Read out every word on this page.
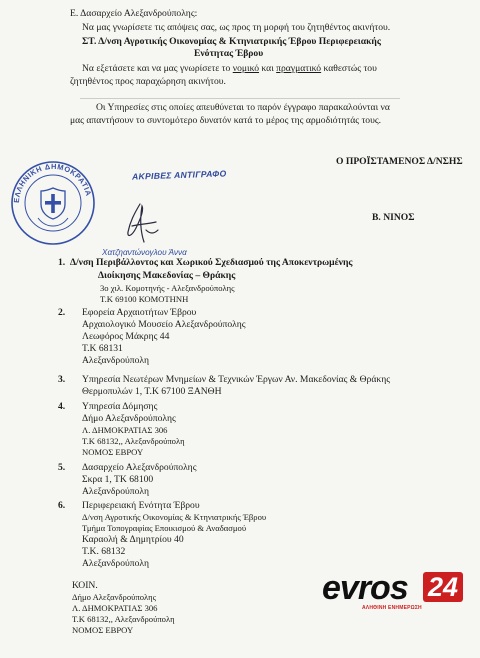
Ε. Δασαρχείο Αλεξανδρούπολης:
Να μας γνωρίσετε τις απόψεις σας, ως προς τη μορφή του ζητηθέντος ακινήτου.
ΣΤ. Δ/νση Αγροτικής Οικονομίας & Κτηνιατρικής Έβρου Περιφερειακής
Ενότητας Έβρου
Να εξετάσετε και να μας γνωρίσετε το νομικό και πραγματικό καθεστώς του
ζητηθέντος προς παραχώρηση ακινήτου.
Οι Υπηρεσίες στις οποίες απευθύνεται το παρόν έγγραφο παρακαλούνται να
μας απαντήσουν το συντομότερο δυνατόν κατά το μέρος της αρμοδιότητάς τους.
Ο ΠΡΟΪΣΤΑΜΕΝΟΣ Δ/ΝΣΗΣ
ΕΛΛΗΝΙΚΗ ΔΗΜΟΚΡΑΤΙΑ
ΑΚΡΙΒΕΣ ΑΝΤΙΓΡΑΦΟ
Β. ΝΙΝΟΣ
Χατζηαντώνογλου Άννα
1. Δ/νση Περιβάλλοντος και Χωρικού Σχεδιασμού της Αποκεντρωμένης
Διοίκησης Μακεδονίας – Θράκης
3ο χιλ. Κομοτηνής - Αλεξανδρούπολης
Τ.Κ 69100 ΚΟΜΟΤΗΝΗ
2. Εφορεία Αρχαιοτήτων Έβρου
Αρχαιολογικό Μουσείο Αλεξανδρούπολης
Λεωφόρος Μάκρης 44
Τ.Κ 68131
Αλεξανδρούπολη
3. Υπηρεσία Νεωτέρων Μνημείων & Τεχνικών Έργων Αν. Μακεδονίας & Θράκης
Θερμοπυλών 1, Τ.Κ 67100 ΞΑΝΘΗ
4. Υπηρεσία Δόμησης
Δήμο Αλεξανδρούπολης
Λ. ΔΗΜΟΚΡΑΤΙΑΣ 306
Τ.Κ 68132,, Αλεξανδρούπολη
ΝΟΜΟΣ ΕΒΡΟΥ
5. Δασαρχείο Αλεξανδρούπολης
Σκρα 1, ΤΚ 68100
Αλεξανδρούπολη
6. Περιφερειακή Ενότητα Έβρου
Δ/νση Αγροτικής Οικονομίας & Κτηνιατρικής Έβρου
Τμήμα Τοπογραφίας Εποικισμού & Αναδασμού
Καραολή & Δημητρίου 40
Τ.Κ. 68132
Αλεξανδρούπολη
ΚΟΙΝ.
Δήμο Αλεξανδρούπολης
Λ. ΔΗΜΟΚΡΑΤΙΑΣ 306
Τ.Κ 68132,, Αλεξανδρούπολη
ΝΟΜΟΣ ΕΒΡΟΥ
evros 24
ΑΛΗΘΙΝΗ ΕΝΗΜΕΡΩΣΗ
